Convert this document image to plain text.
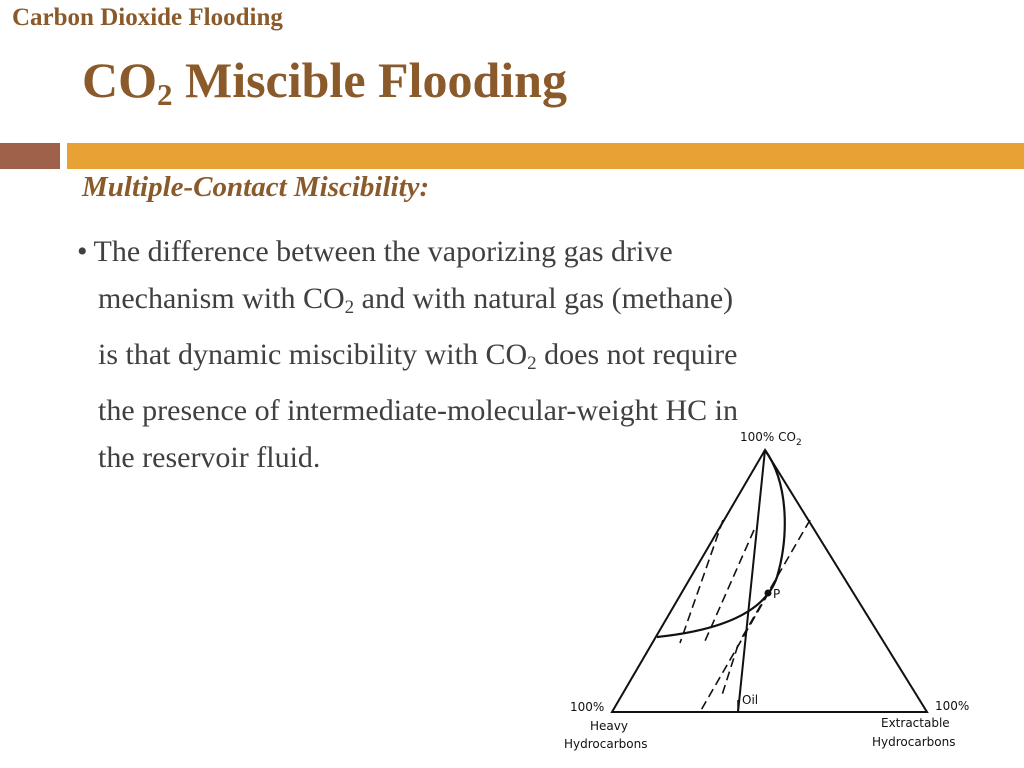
Carbon Dioxide Flooding
$CO_2$ Miscible Flooding
Multiple-Contact Miscibility:
• The difference between the vaporizing gas drive
mechanism with $CO_2$ and with natural gas (methane)
is that dynamic miscibility with $CO_2$ does not require
the presence of intermediate-molecular-weight HC in
the reservoir fluid.
P
Oil
100% $CO_2$
100%
Heavy
Hydrocarbons
100%
Extractable
Hydrocarbons
